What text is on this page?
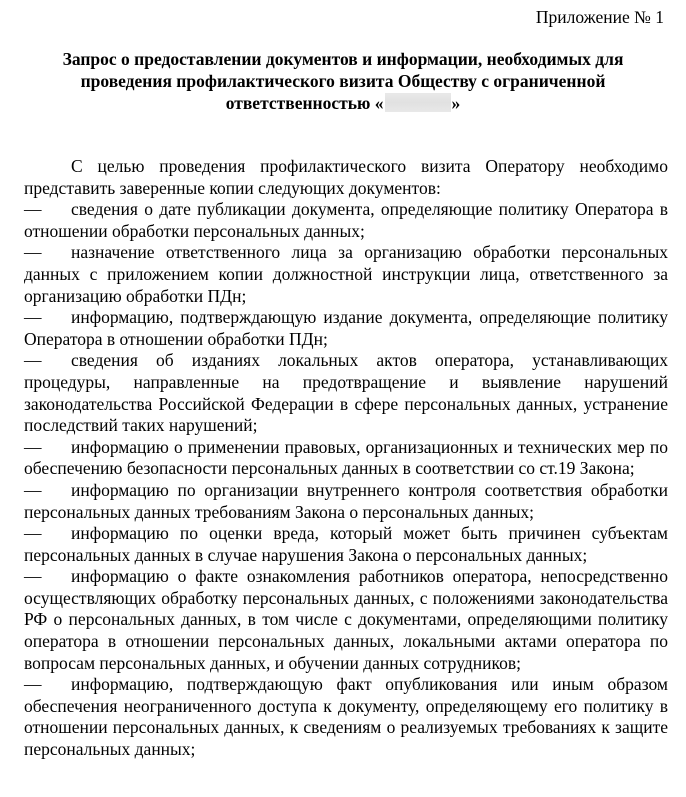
Приложение № 1
Запрос о предоставлении документов и информации, необходимых для проведения профилактического визита Обществу с ограниченной ответственностью «	»

С целью проведения профилактического визита Оператору необходимо представить заверенные копии следующих документов:

— сведения о дате публикации документа, определяющие политику Оператора в отношении обработки персональных данных;

— назначение ответственного лица за организацию обработки персональных данных с приложением копии должностной инструкции лица, ответственного за организацию обработки ПДн;

— информацию, подтверждающую издание документа, определяющие политику Оператора в отношении обработки ПДн;

— сведения об изданиях локальных актов оператора, устанавливающих процедуры, направленные на предотвращение и выявление нарушений законодательства Российской Федерации в сфере персональных данных, устранение последствий таких нарушений;

— информацию о применении правовых, организационных и технических мер по обеспечению безопасности персональных данных в соответствии со ст.19 Закона;

— информацию по организации внутреннего контроля соответствия обработки персональных данных требованиям Закона о персональных данных;

— информацию по оценки вреда, который может быть причинен субъектам персональных данных в случае нарушения Закона о персональных данных;

— информацию о факте ознакомления работников оператора, непосредственно осуществляющих обработку персональных данных, с положениями законодательства РФ о персональных данных, в том числе с документами, определяющими политику оператора в отношении персональных данных, локальными актами оператора по вопросам персональных данных, и обучении данных сотрудников;

— информацию, подтверждающую факт опубликования или иным образом обеспечения неограниченного доступа к документу, определяющему его политику в отношении персональных данных, к сведениям о реализуемых требованиях к защите персональных данных;
